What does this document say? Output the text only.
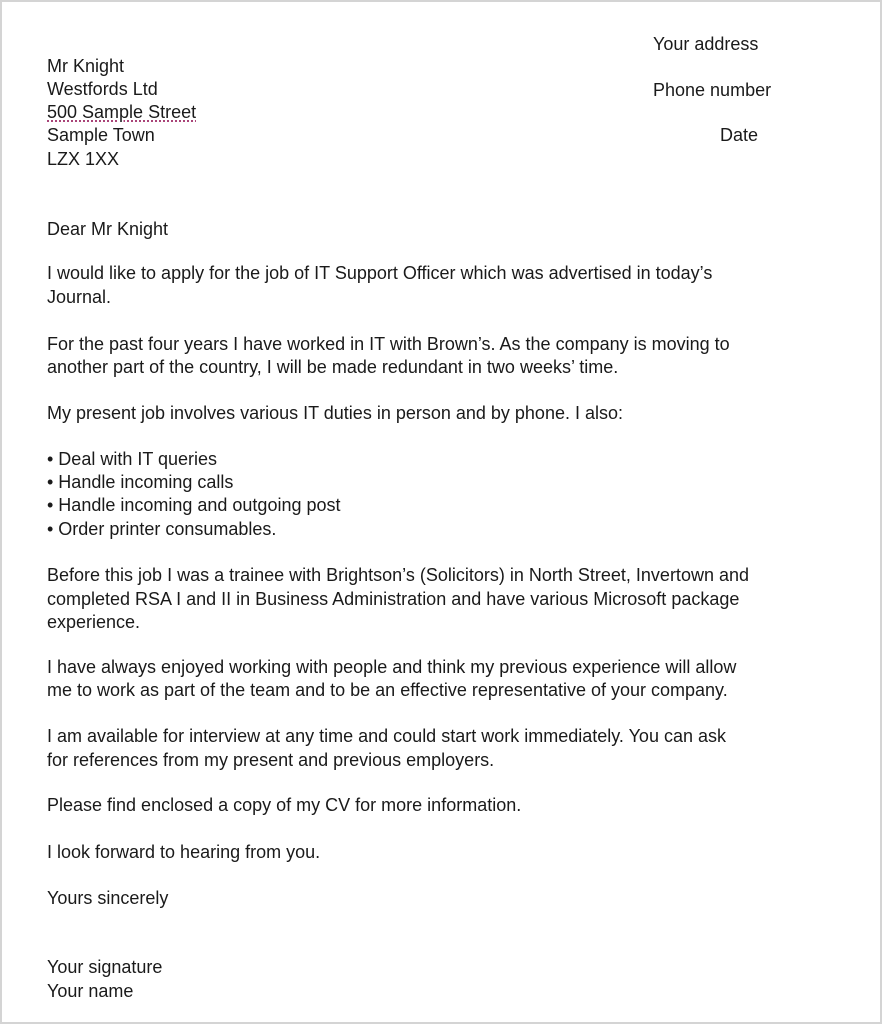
Your address
Phone number
Date
Mr Knight
Westfords Ltd
500 Sample Street
Sample Town
LZX 1XX
Dear Mr Knight
I would like to apply for the job of IT Support Officer which was advertised in today’s
Journal.
For the past four years I have worked in IT with Brown’s. As the company is moving to
another part of the country, I will be made redundant in two weeks’ time.
My present job involves various IT duties in person and by phone. I also:
• Deal with IT queries
• Handle incoming calls
• Handle incoming and outgoing post
• Order printer consumables.
Before this job I was a trainee with Brightson’s (Solicitors) in North Street, Invertown and
completed RSA I and II in Business Administration and have various Microsoft package
experience.
I have always enjoyed working with people and think my previous experience will allow
me to work as part of the team and to be an effective representative of your company.
I am available for interview at any time and could start work immediately. You can ask
for references from my present and previous employers.
Please find enclosed a copy of my CV for more information.
I look forward to hearing from you.
Yours sincerely
Your signature
Your name
